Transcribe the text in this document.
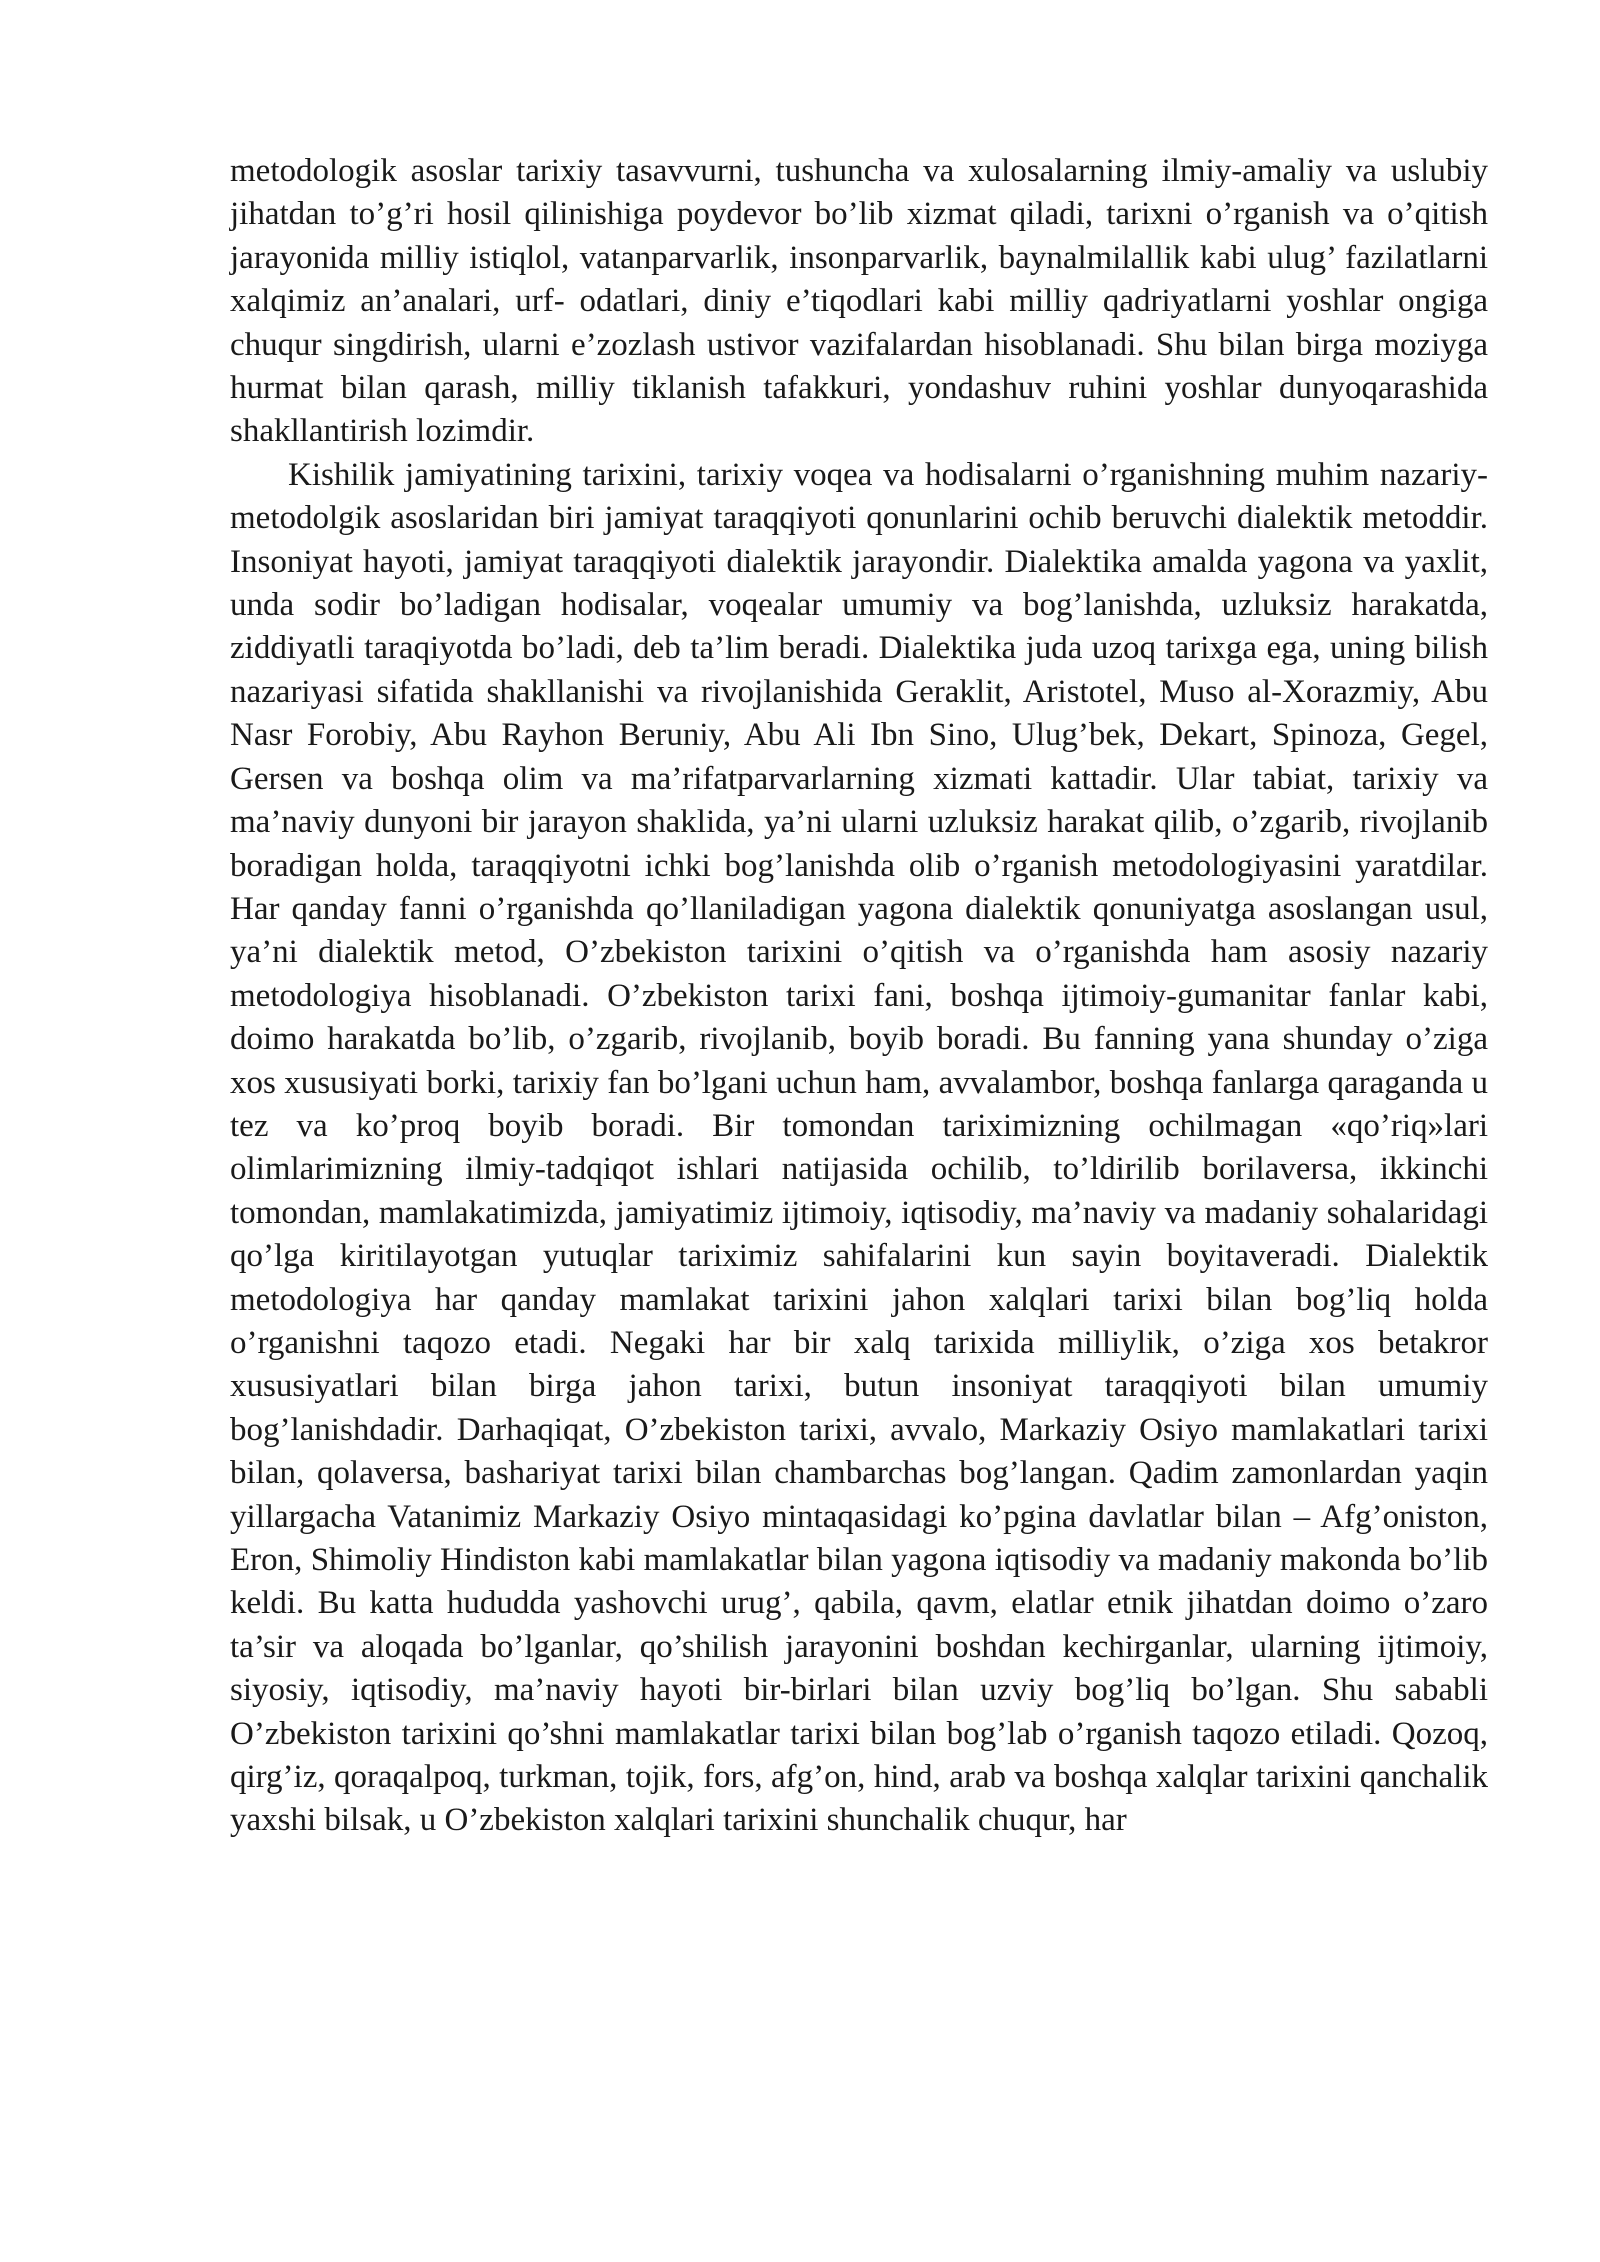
metodologik asoslar tarixiy tasavvurni, tushuncha va xulosalarning ilmiy-amaliy va uslubiy jihatdan to’g’ri hosil qilinishiga poydevor bo’lib xizmat qiladi, tarixni o’rganish va o’qitish jarayonida milliy istiqlol, vatanparvarlik, insonparvarlik, baynalmilallik kabi ulug’ fazilatlarni xalqimiz an’analari, urf- odatlari, diniy e’tiqodlari kabi milliy qadriyatlarni yoshlar ongiga chuqur singdirish, ularni e’zozlash ustivor vazifalardan hisoblanadi. Shu bilan birga moziyga hurmat bilan qarash, milliy tiklanish tafakkuri, yondashuv ruhini yoshlar dunyoqarashida shakllantirish lozimdir.

Kishilik jamiyatining tarixini, tarixiy voqea va hodisalarni o’rganishning muhim nazariy-metodolgik asoslaridan biri jamiyat taraqqiyoti qonunlarini ochib beruvchi dialektik metoddir. Insoniyat hayoti, jamiyat taraqqiyoti dialektik jarayondir. Dialektika amalda yagona va yaxlit, unda sodir bo’ladigan hodisalar, voqealar umumiy va bog’lanishda, uzluksiz harakatda, ziddiyatli taraqiyotda bo’ladi, deb ta’lim beradi. Dialektika juda uzoq tarixga ega, uning bilish nazariyasi sifatida shakllanishi va rivojlanishida Geraklit, Aristotel, Muso al-Xorazmiy, Abu Nasr Forobiy, Abu Rayhon Beruniy, Abu Ali Ibn Sino, Ulug’bek, Dekart, Spinoza, Gegel, Gersen va boshqa olim va ma’rifatparvarlarning xizmati kattadir. Ular tabiat, tarixiy va ma’naviy dunyoni bir jarayon shaklida, ya’ni ularni uzluksiz harakat qilib, o’zgarib, rivojlanib boradigan holda, taraqqiyotni ichki bog’lanishda olib o’rganish metodologiyasini yaratdilar. Har qanday fanni o’rganishda qo’llaniladigan yagona dialektik qonuniyatga asoslangan usul, ya’ni dialektik metod, O’zbekiston tarixini o’qitish va o’rganishda ham asosiy nazariy metodologiya hisoblanadi. O’zbekiston tarixi fani, boshqa ijtimoiy-gumanitar fanlar kabi, doimo harakatda bo’lib, o’zgarib, rivojlanib, boyib boradi. Bu fanning yana shunday o’ziga xos xususiyati borki, tarixiy fan bo’lgani uchun ham, avvalambor, boshqa fanlarga qaraganda u tez va ko’proq boyib boradi. Bir tomondan tariximizning ochilmagan «qo’riq»lari olimlarimizning ilmiy-tadqiqot ishlari natijasida ochilib, to’ldirilib borilaversa, ikkinchi tomondan, mamlakatimizda, jamiyatimiz ijtimoiy, iqtisodiy, ma’naviy va madaniy sohalaridagi qo’lga kiritilayotgan yutuqlar tariximiz sahifalarini kun sayin boyitaveradi. Dialektik metodologiya har qanday mamlakat tarixini jahon xalqlari tarixi bilan bog’liq holda o’rganishni taqozo etadi. Negaki har bir xalq tarixida milliylik, o’ziga xos betakror xususiyatlari bilan birga jahon tarixi, butun insoniyat taraqqiyoti bilan umumiy bog’lanishdadir. Darhaqiqat, O’zbekiston tarixi, avvalo, Markaziy Osiyo mamlakatlari tarixi bilan, qolaversa, bashariyat tarixi bilan chambarchas bog’langan. Qadim zamonlardan yaqin yillargacha Vatanimiz Markaziy Osiyo mintaqasidagi ko’pgina davlatlar bilan – Afg’oniston, Eron, Shimoliy Hindiston kabi mamlakatlar bilan yagona iqtisodiy va madaniy makonda bo’lib keldi. Bu katta hududda yashovchi urug’, qabila, qavm, elatlar etnik jihatdan doimo o’zaro ta’sir va aloqada bo’lganlar, qo’shilish jarayonini boshdan kechirganlar, ularning ijtimoiy, siyosiy, iqtisodiy, ma’naviy hayoti bir-birlari bilan uzviy bog’liq bo’lgan. Shu sababli O’zbekiston tarixini qo’shni mamlakatlar tarixi bilan bog’lab o’rganish taqozo etiladi. Qozoq, qirg’iz, qoraqalpoq, turkman, tojik, fors, afg’on, hind, arab va boshqa xalqlar tarixini qanchalik yaxshi bilsak, u O’zbekiston xalqlari tarixini shunchalik chuqur, har
